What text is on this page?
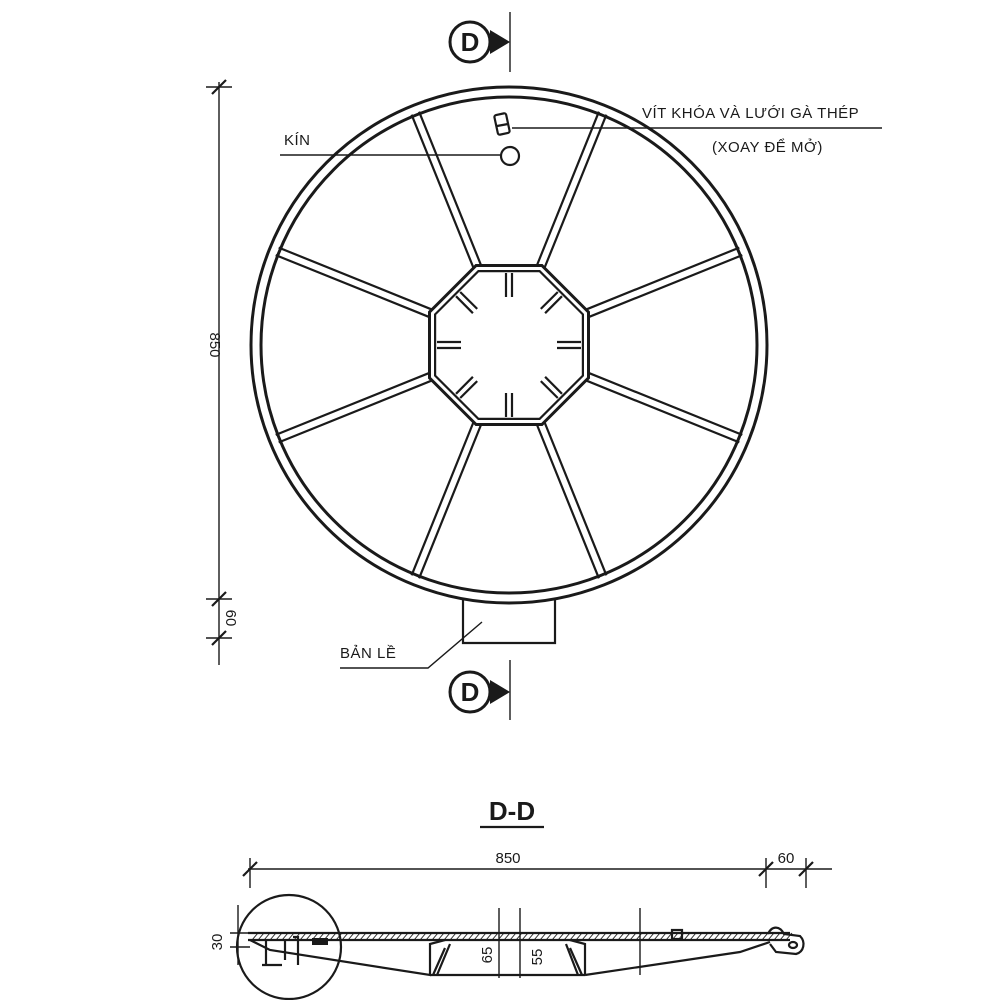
D
VÍT KHÓA VÀ LƯỚI GÀ THÉP
(XOAY ĐỂ MỞ)
KÍN
BẢN LỀ
D
850
60
D-D
850	60
30
65 55
